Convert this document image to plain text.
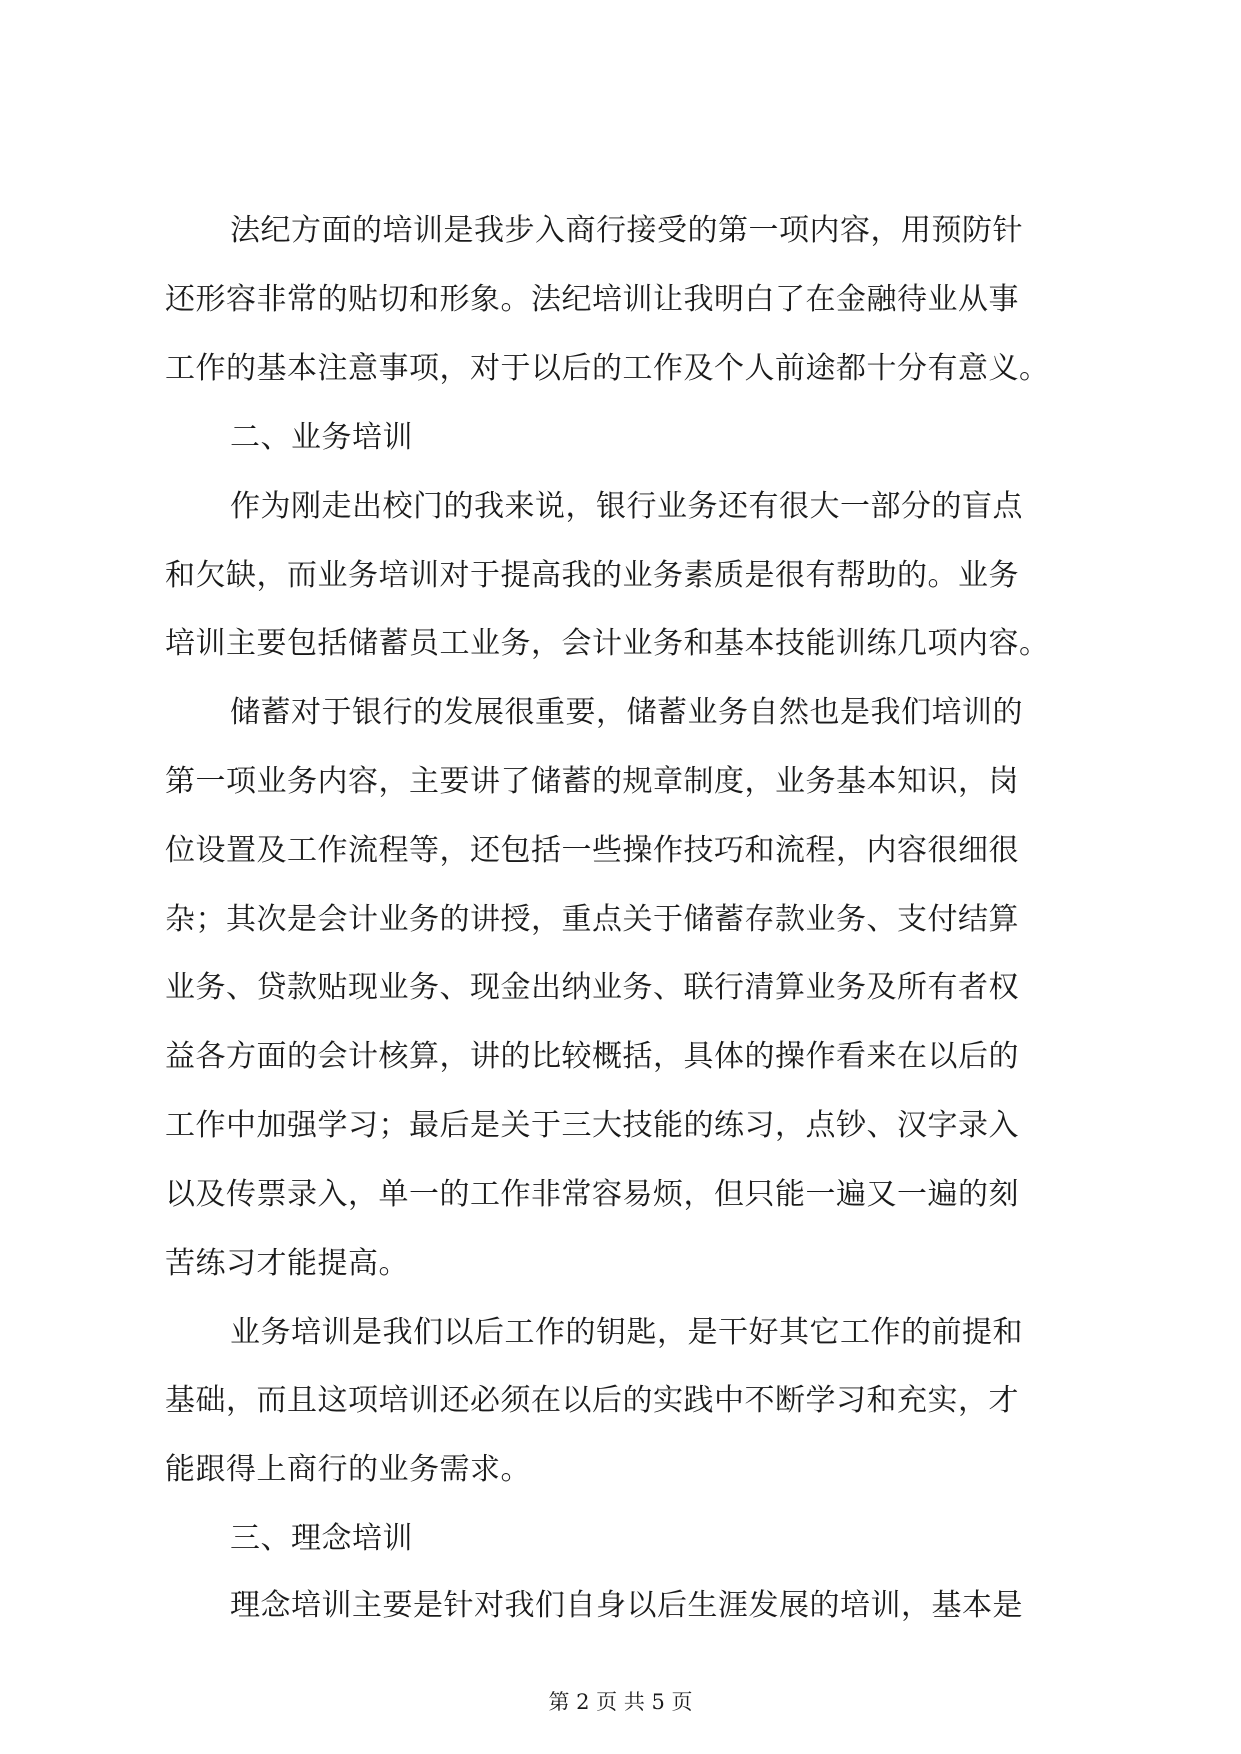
法纪方面的培训是我步入商行接受的第一项内容，用预防针
还形容非常的贴切和形象。法纪培训让我明白了在金融待业从事
工作的基本注意事项，对于以后的工作及个人前途都十分有意义。
二、业务培训
作为刚走出校门的我来说，银行业务还有很大一部分的盲点
和欠缺，而业务培训对于提高我的业务素质是很有帮助的。业务
培训主要包括储蓄员工业务，会计业务和基本技能训练几项内容。
储蓄对于银行的发展很重要，储蓄业务自然也是我们培训的
第一项业务内容，主要讲了储蓄的规章制度，业务基本知识，岗
位设置及工作流程等，还包括一些操作技巧和流程，内容很细很
杂；其次是会计业务的讲授，重点关于储蓄存款业务、支付结算
业务、贷款贴现业务、现金出纳业务、联行清算业务及所有者权
益各方面的会计核算，讲的比较概括，具体的操作看来在以后的
工作中加强学习；最后是关于三大技能的练习，点钞、汉字录入
以及传票录入，单一的工作非常容易烦，但只能一遍又一遍的刻
苦练习才能提高。
业务培训是我们以后工作的钥匙，是干好其它工作的前提和
基础，而且这项培训还必须在以后的实践中不断学习和充实，才
能跟得上商行的业务需求。
三、理念培训
理念培训主要是针对我们自身以后生涯发展的培训，基本是
第 2 页 共 5 页
